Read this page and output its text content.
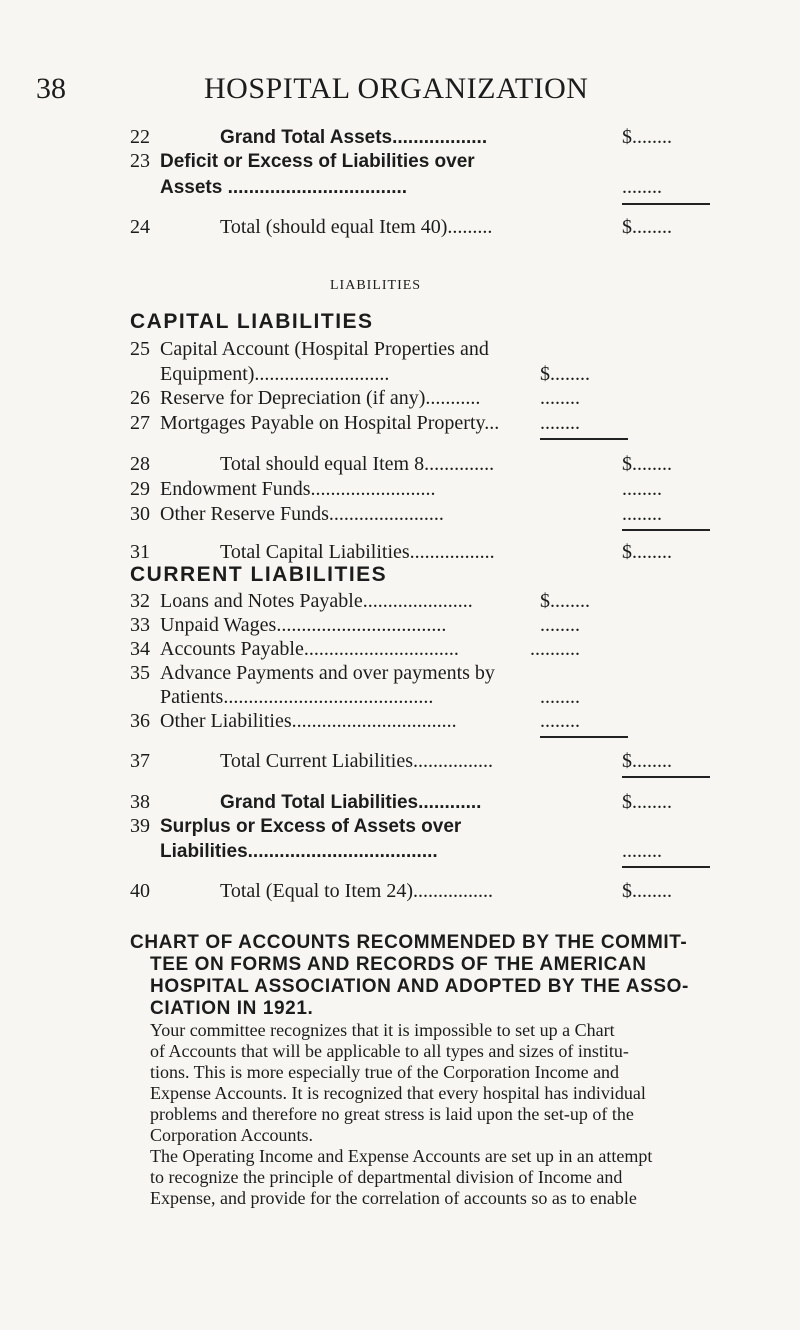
38	HOSPITAL ORGANIZATION
22	Grand Total Assets..................	$........
23 Deficit or Excess of Liabilities over
Assets ..................................	........
24	Total (should equal Item 40).........	$........
LIABILITIES
CAPITAL LIABILITIES
25 Capital Account (Hospital Properties and
Equipment)...........................	$........
26 Reserve for Depreciation (if any)...........	........
27 Mortgages Payable on Hospital Property... ........
28	Total should equal Item 8..............	$........
29 Endowment Funds.........................	........
30 Other Reserve Funds.......................	........
31	Total Capital Liabilities.................	$........
CURRENT LIABILITIES
32 Loans and Notes Payable......................	$........
33 Unpaid Wages..................................	........
34 Accounts Payable...............................	..........
35 Advance Payments and over payments by
Patients..........................................	........
36 Other Liabilities.................................	........
37	Total Current Liabilities................	$........
38	Grand Total Liabilities............	$........
39 Surplus or Excess of Assets over
Liabilities....................................	........
40	Total (Equal to Item 24)................	$........
CHART OF ACCOUNTS RECOMMENDED BY THE COMMIT-
TEE ON FORMS AND RECORDS OF THE AMERICAN
HOSPITAL ASSOCIATION AND ADOPTED BY THE ASSO-
CIATION IN 1921.
Your committee recognizes that it is impossible to set up a Chart
of Accounts that will be applicable to all types and sizes of institu-
tions. This is more especially true of the Corporation Income and
Expense Accounts. It is recognized that every hospital has individual
problems and therefore no great stress is laid upon the set-up of the
Corporation Accounts.
The Operating Income and Expense Accounts are set up in an attempt
to recognize the principle of departmental division of Income and
Expense, and provide for the correlation of accounts so as to enable
